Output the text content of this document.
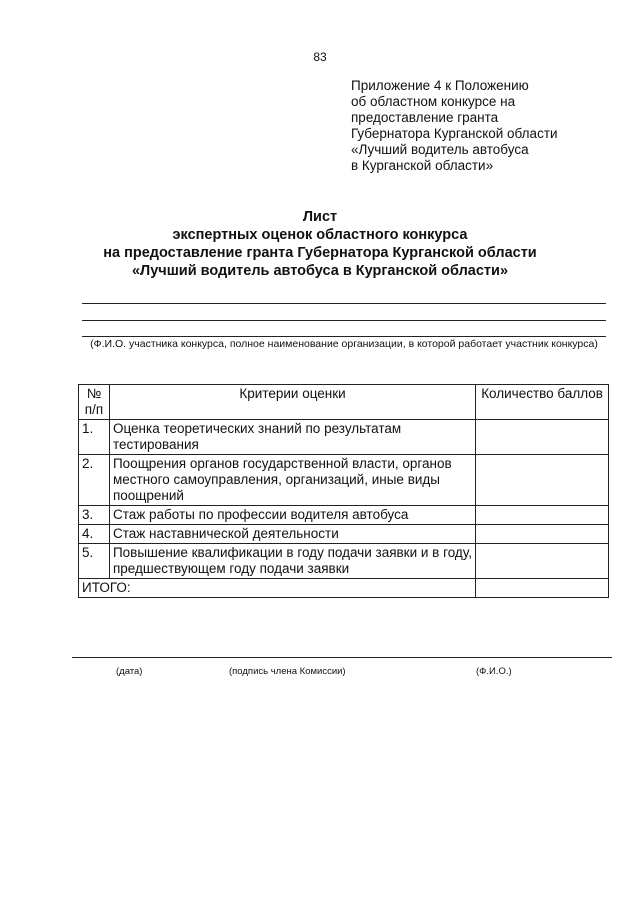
83
Приложение 4 к Положению
об областном конкурсе на
предоставление гранта
Губернатора Курганской области
«Лучший водитель автобуса
в Курганской области»
Лист
экспертных оценок областного конкурса
на предоставление гранта Губернатора Курганской области
«Лучший водитель автобуса в Курганской области»
(Ф.И.О. участника конкурса, полное наименование организации, в которой работает участник конкурса)
№ п/п	Критерии оценки	Количество баллов
1.	Оценка теоретических знаний по результатам тестирования	
2.	Поощрения органов государственной власти, органов местного самоуправления, организаций, иные виды поощрений	
3.	Стаж работы по профессии водителя автобуса	
4.	Стаж наставнической деятельности	
5.	Повышение квалификации в году подачи заявки и в году, предшествующем году подачи заявки	
ИТОГО:		
(дата)	(подпись члена Комиссии)	(Ф.И.О.)
